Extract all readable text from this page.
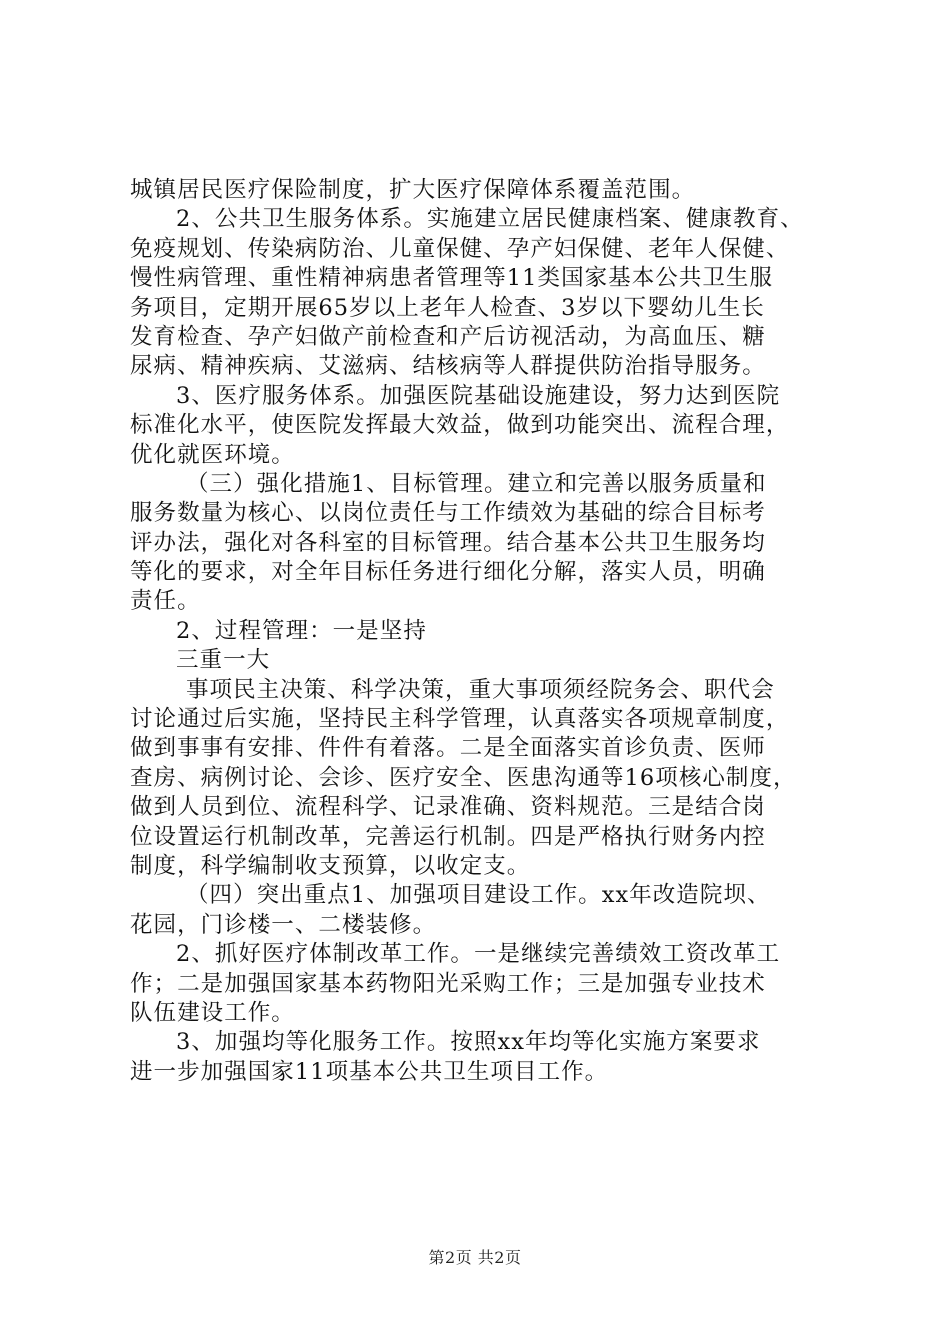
城镇居民医疗保险制度，扩大医疗保障体系覆盖范围。
2、公共卫生服务体系。实施建立居民健康档案、健康教育、
免疫规划、传染病防治、儿童保健、孕产妇保健、老年人保健、
慢性病管理、重性精神病患者管理等11类国家基本公共卫生服
务项目，定期开展65岁以上老年人检查、3岁以下婴幼儿生长
发育检查、孕产妇做产前检查和产后访视活动，为高血压、糖
尿病、精神疾病、艾滋病、结核病等人群提供防治指导服务。
3、医疗服务体系。加强医院基础设施建设，努力达到医院
标准化水平，使医院发挥最大效益，做到功能突出、流程合理，
优化就医环境。
（三）强化措施1、目标管理。建立和完善以服务质量和
服务数量为核心、以岗位责任与工作绩效为基础的综合目标考
评办法，强化对各科室的目标管理。结合基本公共卫生服务均
等化的要求，对全年目标任务进行细化分解，落实人员，明确
责任。
2、过程管理：一是坚持
三重一大
事项民主决策、科学决策，重大事项须经院务会、职代会
讨论通过后实施，坚持民主科学管理，认真落实各项规章制度，
做到事事有安排、件件有着落。二是全面落实首诊负责、医师
查房、病例讨论、会诊、医疗安全、医患沟通等16项核心制度，
做到人员到位、流程科学、记录准确、资料规范。三是结合岗
位设置运行机制改革，完善运行机制。四是严格执行财务内控
制度，科学编制收支预算，以收定支。
（四）突出重点1、加强项目建设工作。xx年改造院坝、
花园，门诊楼一、二楼装修。
2、抓好医疗体制改革工作。一是继续完善绩效工资改革工
作；二是加强国家基本药物阳光采购工作；三是加强专业技术
队伍建设工作。
3、加强均等化服务工作。按照xx年均等化实施方案要求
进一步加强国家11项基本公共卫生项目工作。
第2页 共2页
